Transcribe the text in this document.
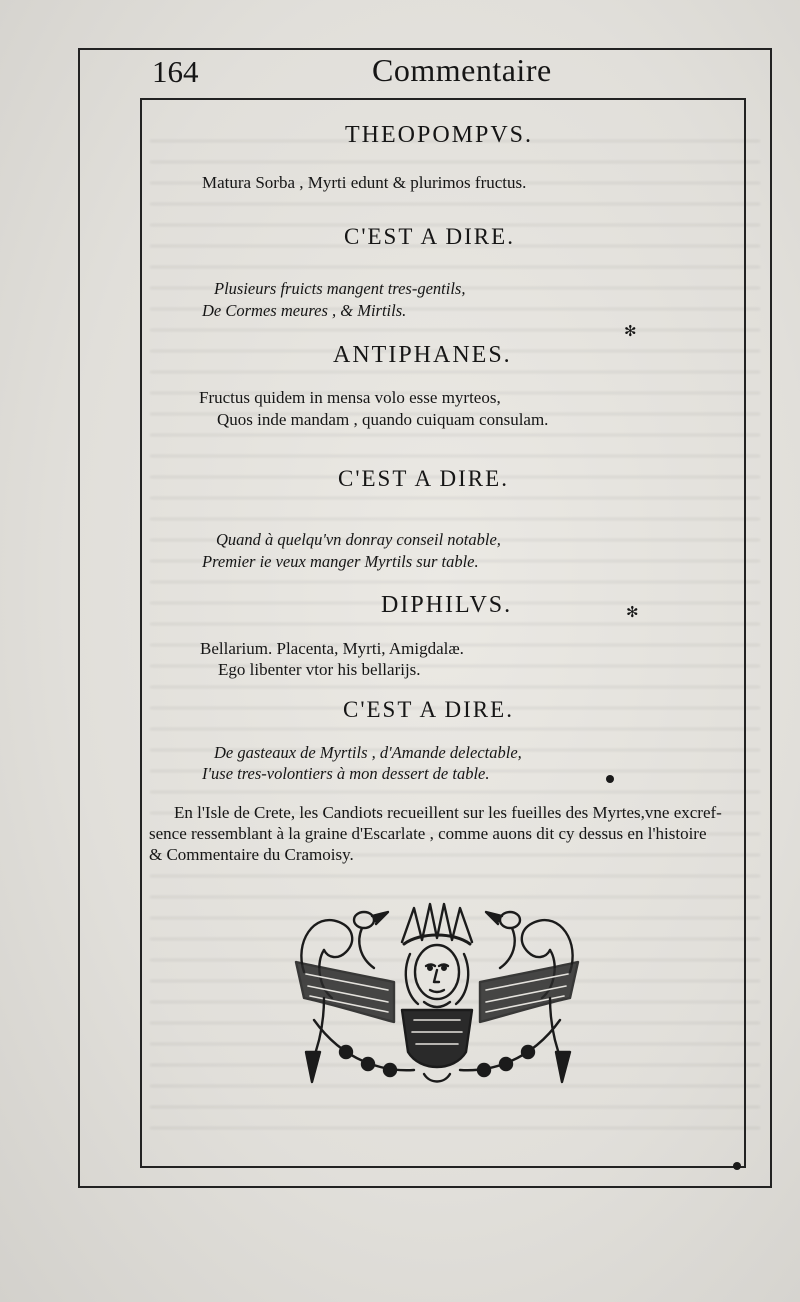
164	Commentaire
THEOPOMPVS.
Matura Sorba , Myrti edunt & plurimos fructus.
C'EST A DIRE.
Plusieurs fruicts mangent tres-gentils,
De Cormes meures , & Mirtils.
ANTIPHANES.
Fructus quidem in mensa volo esse myrteos,
Quos inde mandam , quando cuiquam consulam.
C'EST A DIRE.
Quand à quelqu'vn donray conseil notable,
Premier ie veux manger Myrtils sur table.
DIPHILVS.
Bellarium. Placenta, Myrti, Amigdalæ.
Ego libenter vtor his bellarijs.
C'EST A DIRE.
De gasteaux de Myrtils , d'Amande delectable,
I'use tres-volontiers à mon dessert de table.
En l'Isle de Crete, les Candiots recueillent sur les fueilles des Myrtes,vne excref-
sence ressemblant à la graine d'Escarlate , comme auons dit cy dessus en l'histoire
& Commentaire du Cramoisy.
✻
✻
